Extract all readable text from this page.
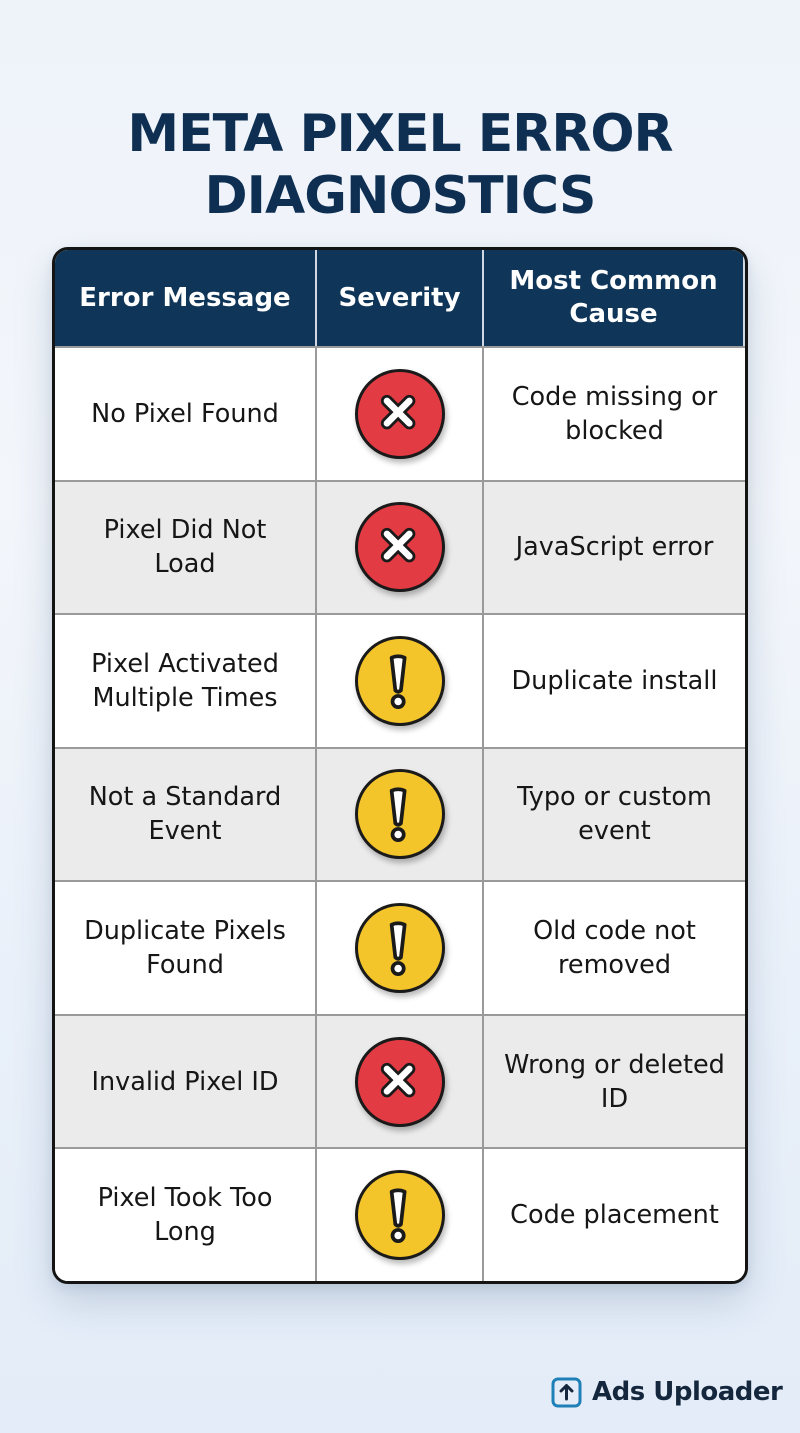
META PIXEL ERROR
DIAGNOSTICS
Error Message	Severity
Most Common Cause
No Pixel Found
Code missing or blocked
Pixel Did Not Load
JavaScript error
Pixel Activated Multiple Times
Duplicate install
Not a Standard Event
Typo or custom event
Duplicate Pixels Found
Old code not removed
Invalid Pixel ID
Wrong or deleted ID
Pixel Took Too Long
Code placement
Ads Uploader
